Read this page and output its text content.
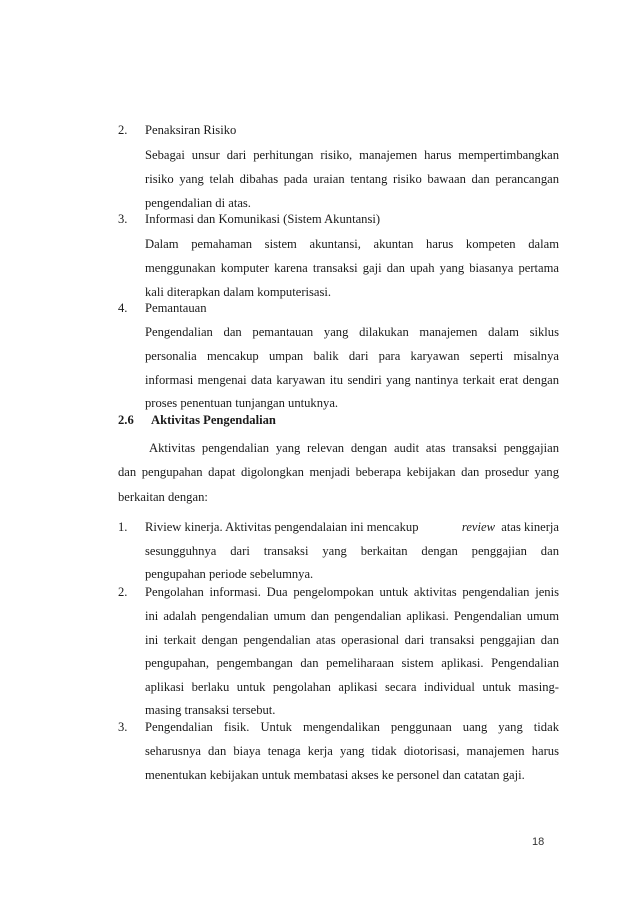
2. Penaksiran Risiko
Sebagai unsur dari perhitungan risiko, manajemen harus mempertimbangkan
risiko yang telah dibahas pada uraian tentang risiko bawaan dan perancangan
pengendalian di atas.
3. Informasi dan Komunikasi (Sistem Akuntansi)
Dalam pemahaman sistem akuntansi, akuntan harus kompeten dalam
menggunakan komputer karena transaksi gaji dan upah yang biasanya pertama
kali diterapkan dalam komputerisasi.
4. Pemantauan
Pengendalian dan pemantauan yang dilakukan manajemen dalam siklus
personalia mencakup umpan balik dari para karyawan seperti misalnya
informasi mengenai data karyawan itu sendiri yang nantinya terkait erat dengan
proses penentuan tunjangan untuknya.
2.6 Aktivitas Pengendalian
Aktivitas pengendalian yang relevan dengan audit atas transaksi penggajian
dan pengupahan dapat digolongkan menjadi beberapa kebijakan dan prosedur yang
berkaitan dengan:
1. Riview kinerja. Aktivitas pengendalaian ini mencakup	review atas kinerja
sesungguhnya dari transaksi yang berkaitan dengan penggajian dan
pengupahan periode sebelumnya.
2. Pengolahan informasi. Dua pengelompokan untuk aktivitas pengendalian jenis
ini adalah pengendalian umum dan pengendalian aplikasi. Pengendalian umum
ini terkait dengan pengendalian atas operasional dari transaksi penggajian dan
pengupahan, pengembangan dan pemeliharaan sistem aplikasi. Pengendalian
aplikasi berlaku untuk pengolahan aplikasi secara individual untuk masing-
masing transaksi tersebut.
3. Pengendalian fisik. Untuk mengendalikan penggunaan uang yang tidak
seharusnya dan biaya tenaga kerja yang tidak diotorisasi, manajemen harus
menentukan kebijakan untuk membatasi akses ke personel dan catatan gaji.
18
